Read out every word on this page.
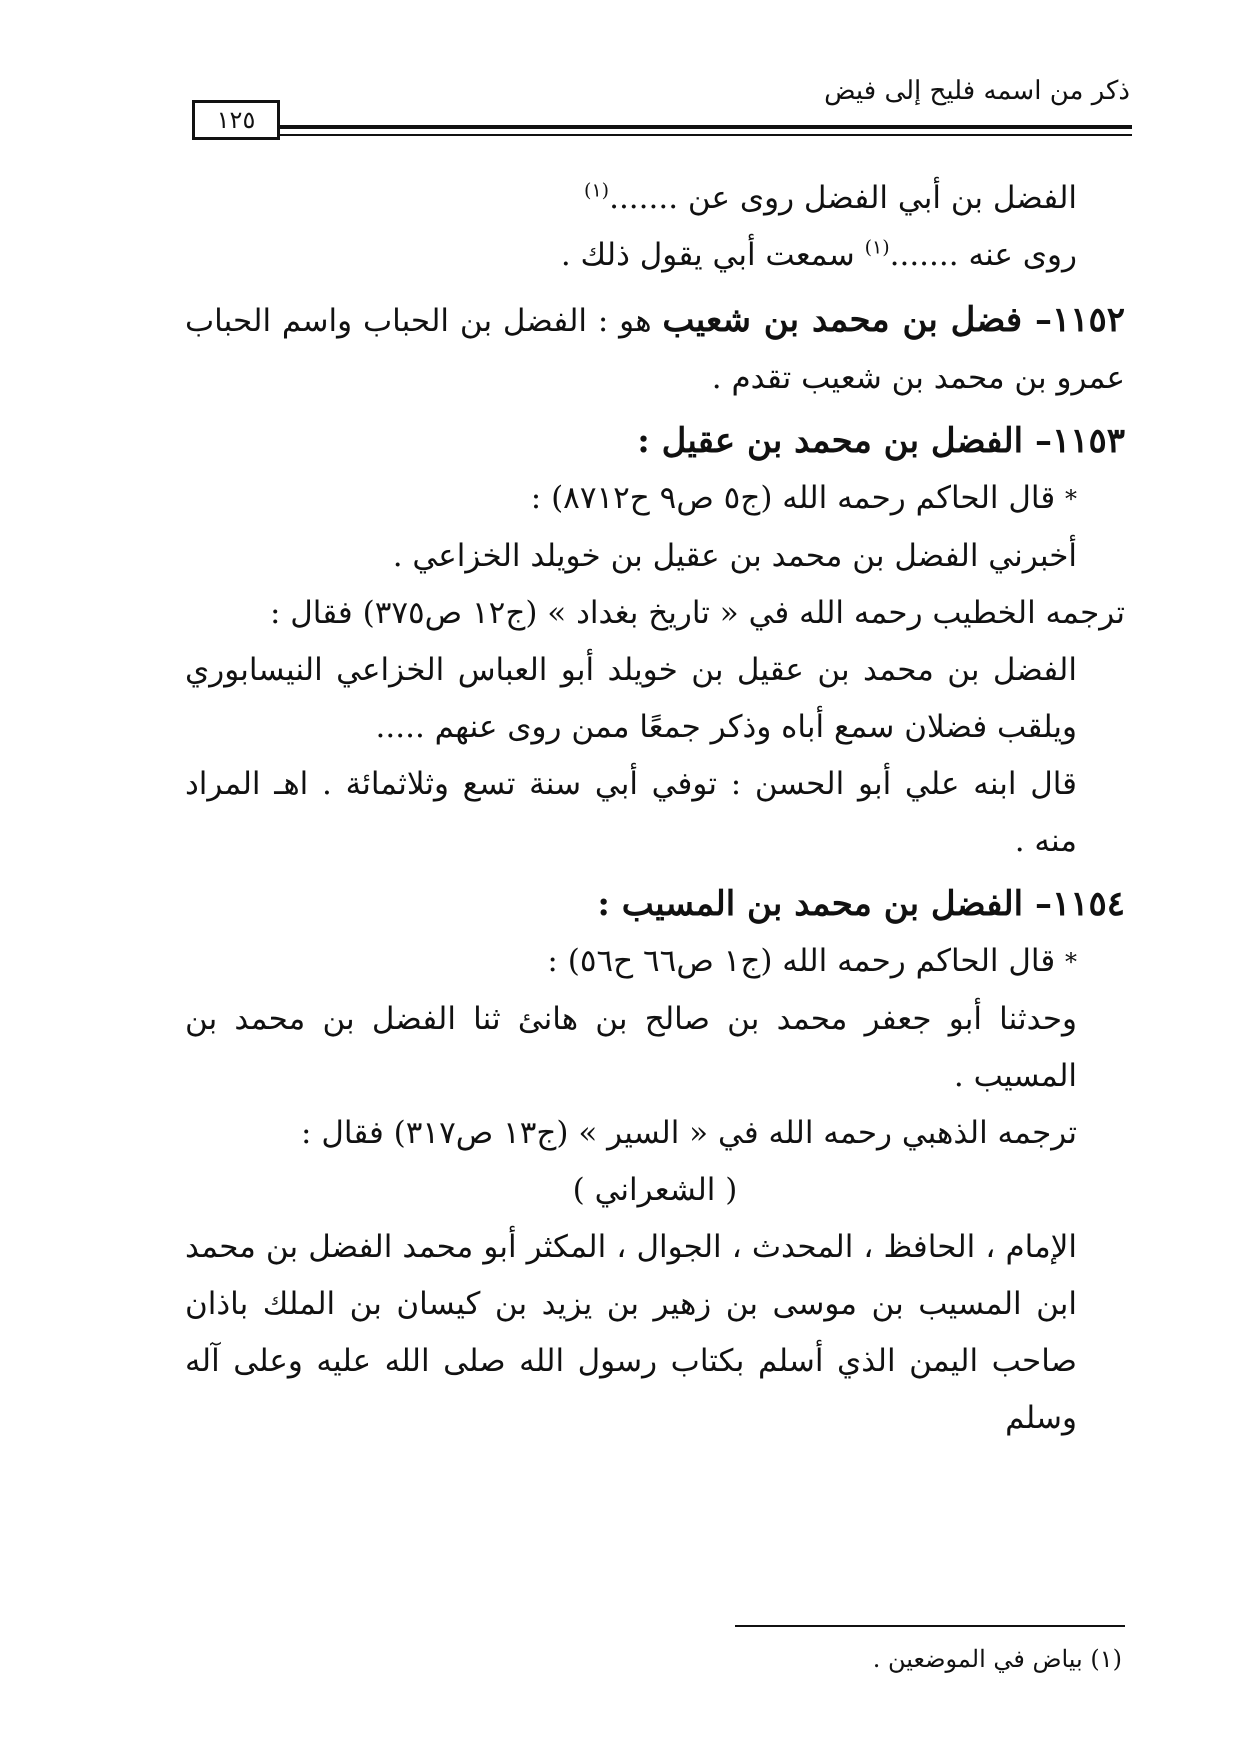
ذكر من اسمه فليح إلى فيض
١٢٥

الفضل بن أبي الفضل روى عن .......$^{(١)}$

روى عنه .......$^{(١)}$ سمعت أبي يقول ذلك .

١١٥٢– فضل بن محمد بن شعيب هو : الفضل بن الحباب واسم الحباب عمرو بن محمد بن شعيب تقدم .

١١٥٣– الفضل بن محمد بن عقيل :

* قال الحاكم رحمه الله (ج٥ ص٩ ح٨٧١٢) :

أخبرني الفضل بن محمد بن عقيل بن خويلد الخزاعي .

ترجمه الخطيب رحمه الله في « تاريخ بغداد » (ج١٢ ص٣٧٥) فقال :

الفضل بن محمد بن عقيل بن خويلد أبو العباس الخزاعي النيسابوري ويلقب فضلان سمع أباه وذكر جمعًا ممن روى عنهم .....

قال ابنه علي أبو الحسن : توفي أبي سنة تسع وثلاثمائة . اهـ المراد منه .

١١٥٤– الفضل بن محمد بن المسيب :

* قال الحاكم رحمه الله (ج١ ص٦٦ ح٥٦) :

وحدثنا أبو جعفر محمد بن صالح بن هانئ ثنا الفضل بن محمد بن المسيب .

ترجمه الذهبي رحمه الله في « السير » (ج١٣ ص٣١٧) فقال :

( الشعراني )

الإمام ، الحافظ ، المحدث ، الجوال ، المكثر أبو محمد الفضل بن محمد ابن المسيب بن موسى بن زهير بن يزيد بن كيسان بن الملك باذان صاحب اليمن الذي أسلم بكتاب رسول الله صلى الله عليه وعلى آله وسلم

(١) بياض في الموضعين .
